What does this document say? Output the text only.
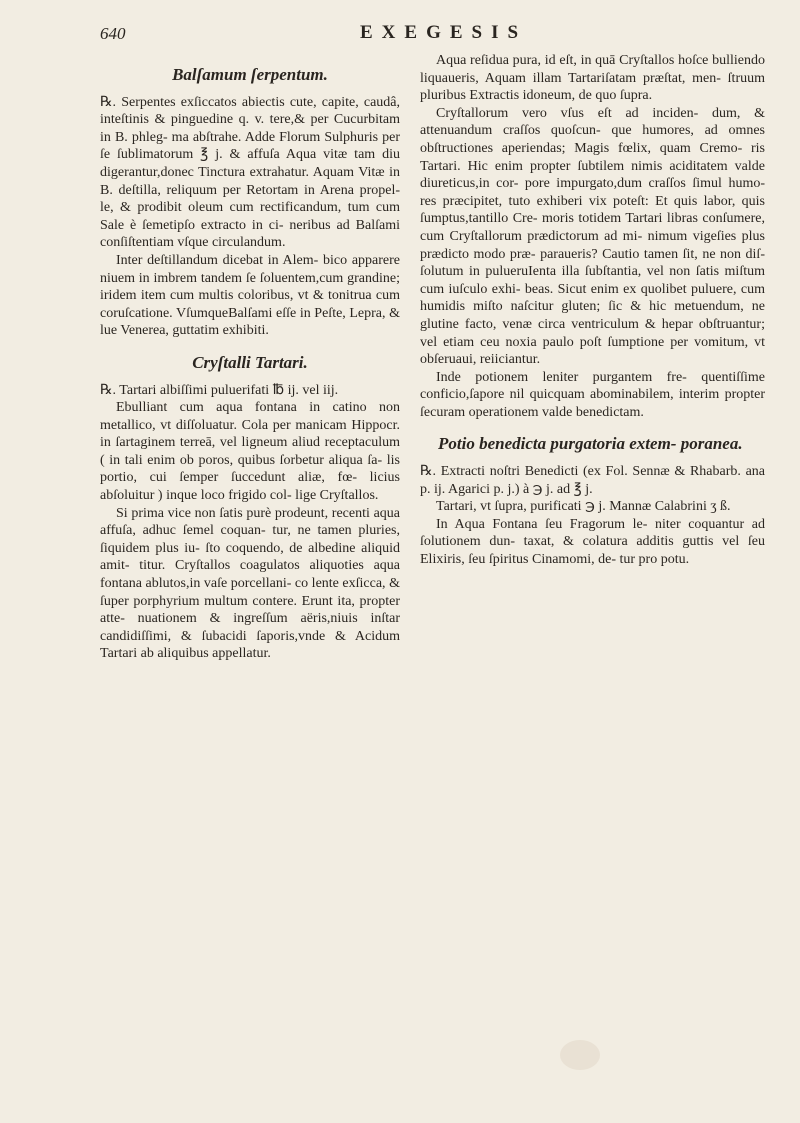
640	EXEGESIS
Balſamum ſerpentum.

℞. Serpentes exſiccatos abiectis cute, capite, caudâ, inteſtinis & pinguedine q. v. tere,& per Cucurbitam in B. phleg- ma abſtrahe. Adde Florum Sulphuris per ſe ſublimatorum ℥ j. & affuſa Aqua vitæ tam diu digerantur,donec Tinctura extrahatur. Aquam Vitæ in B. deſtilla, reliquum per Retortam in Arena propel- le, & prodibit oleum cum rectificandum, tum cum Sale è ſemetipſo extracto in ci- neribus ad Balſami conſiſtentiam vſque circulandum.

Inter deſtillandum dicebat in Alem- bico apparere niuem in imbrem tandem ſe ſoluentem,cum grandine; iridem item cum multis coloribus, vt & tonitrua cum coruſcatione. VſumqueBalſami eſſe in Peſte, Lepra, & lue Venerea, guttatim exhibiti.

Cryſtalli Tartari.

℞. Tartari albiſſimi puluerifati ℔ ij. vel iij.

Ebulliant cum aqua fontana in catino non metallico, vt diſſoluatur. Cola per manicam Hippocr. in ſartaginem terreā, vel ligneum aliud receptaculum ( in tali enim ob poros, quibus ſorbetur aliqua ſa- lis portio, cui ſemper ſuccedunt aliæ, fœ- licius abſoluitur ) inque loco frigido col- lige Cryſtallos.

Si prima vice non ſatis purè prodeunt, recenti aqua affuſa, adhuc ſemel coquan- tur, ne tamen pluries, ſiquidem plus iu- ſto coquendo, de albedine aliquid amit- titur. Cryſtallos coagulatos aliquoties aqua fontana ablutos,in vaſe porcellani- co lente exſicca, & ſuper porphyrium multum contere. Erunt ita, propter atte- nuationem & ingreſſum aëris,niuis inſtar candidiſſimi, & ſubacidi ſaporis,vnde & Acidum Tartari ab aliquibus appellatur.

Aqua reſidua pura, id eſt, in quā Cryſtallos hoſce bulliendo liquaueris, Aquam illam Tartariſatam præſtat, men- ſtruum pluribus Extractis idoneum, de quo ſupra.

Cryſtallorum vero vſus eſt ad inciden- dum, & attenuandum craſſos quoſcun- que humores, ad omnes obſtructiones aperiendas; Magis fœlix, quam Cremo- ris Tartari. Hic enim propter ſubtilem nimis aciditatem valde diureticus,in cor- pore impurgato,dum craſſos ſimul humo- res præcipitet, tuto exhiberi vix poteſt: Et quis labor, quis ſumptus,tantillo Cre- moris totidem Tartari libras conſumere, cum Cryſtallorum prædictorum ad mi- nimum vigeſies plus prædicto modo præ- paraueris? Cautio tamen ſit, ne non diſ- ſolutum in pulueruIenta illa ſubſtantia, vel non ſatis miſtum cum iuſculo exhi- beas. Sicut enim ex quolibet puluere, cum humidis miſto naſcitur gluten; ſic & hic metuendum, ne glutine facto, venæ circa ventriculum & hepar obſtruantur; vel etiam ceu noxia paulo poſt ſumptione per vomitum, vt obſeruaui, reiiciantur.

Inde potionem leniter purgantem fre- quentiſſime conficio,ſapore nil quicquam abominabilem, interim propter ſecuram operationem valde benedictam.

Potio benedicta purgatoria extem- poranea.

℞. Extracti noſtri Benedicti (ex Fol. Sennæ & Rhabarb. ana p. ij. Agarici p. j.) à ℈ j. ad ℥ j.

Tartari, vt ſupra, purificati ℈ j. Mannæ Calabrini ʒ ß.

In Aqua Fontana ſeu Fragorum le- niter coquantur ad ſolutionem dun- taxat, & colatura additis guttis vel ſeu Elixiris, ſeu ſpiritus Cinamomi, de- tur pro potu.
